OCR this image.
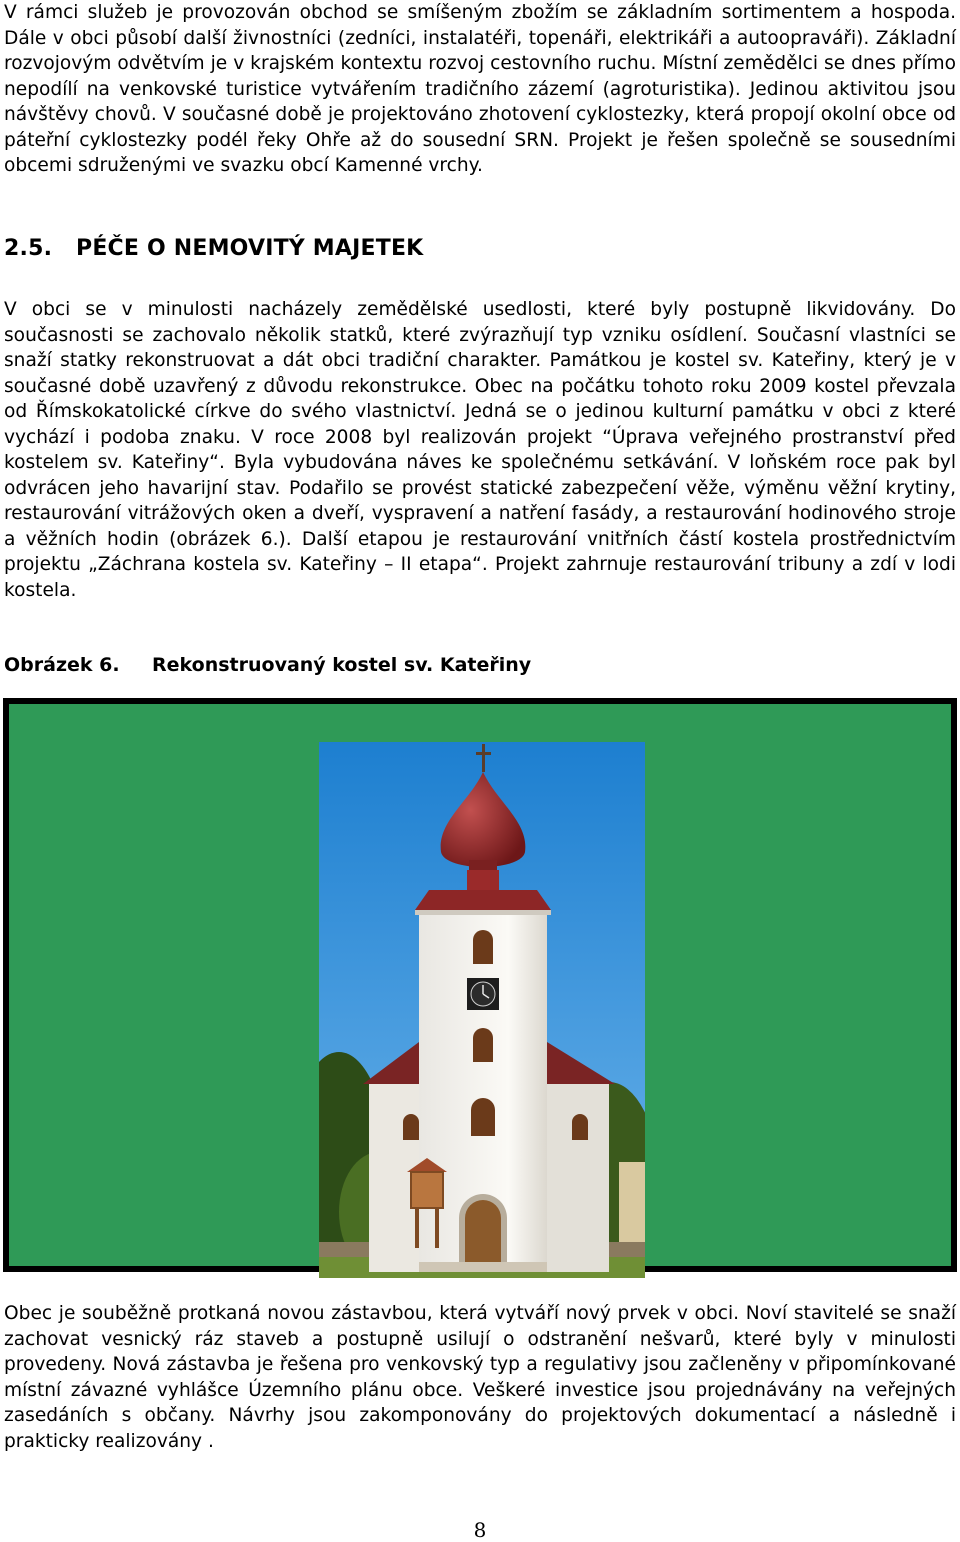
V rámci služeb je provozován obchod se smíšeným zbožím se základním sortimentem a hospoda. Dále v obci působí další živnostníci (zedníci, instalatéři, topenáři, elektrikáři a autoopraváři). Základní rozvojovým odvětvím je v krajském kontextu rozvoj cestovního ruchu. Místní zemědělci se dnes přímo nepodílí na venkovské turistice vytvářením tradičního zázemí (agroturistika). Jedinou aktivitou jsou návštěvy chovů. V současné době je projektováno zhotovení cyklostezky, která propojí okolní obce od páteřní cyklostezky podél řeky Ohře až do sousední SRN. Projekt je řešen společně se sousedními obcemi sdruženými ve svazku obcí Kamenné vrchy.

2.5. PÉČE O NEMOVITÝ MAJETEK

V obci se v minulosti nacházely zemědělské usedlosti, které byly postupně likvidovány. Do současnosti se zachovalo několik statků, které zvýrazňují typ vzniku osídlení. Současní vlastníci se snaží statky rekonstruovat a dát obci tradiční charakter. Památkou je kostel sv. Kateřiny, který je v současné době uzavřený z důvodu rekonstrukce. Obec na počátku tohoto roku 2009 kostel převzala od Římskokatolické církve do svého vlastnictví. Jedná se o jedinou kulturní památku v obci z které vychází i podoba znaku. V roce 2008 byl realizován projekt “Úprava veřejného prostranství před kostelem sv. Kateřiny“. Byla vybudována náves ke společnému setkávání. V loňském roce pak byl odvrácen jeho havarijní stav. Podařilo se provést statické zabezpečení věže, výměnu věžní krytiny, restaurování vitrážových oken a dveří, vyspravení a natření fasády, a restaurování hodinového stroje a věžních hodin (obrázek 6.). Další etapou je restaurování vnitřních částí kostela prostřednictvím projektu „Záchrana kostela sv. Kateřiny – II etapa“. Projekt zahrnuje restaurování tribuny a zdí v lodi kostela.

Obrázek 6. Rekonstruovaný kostel sv. Kateřiny

Obec je souběžně protkaná novou zástavbou, která vytváří nový prvek v obci. Noví stavitelé se snaží zachovat vesnický ráz staveb a postupně usilují o odstranění nešvarů, které byly v minulosti provedeny. Nová zástavba je řešena pro venkovský typ a regulativy jsou začleněny v připomínkované místní závazné vyhlášce Územního plánu obce. Veškeré investice jsou projednávány na veřejných zasedáních s občany. Návrhy jsou zakomponovány do projektových dokumentací a následně i prakticky realizovány .

8
